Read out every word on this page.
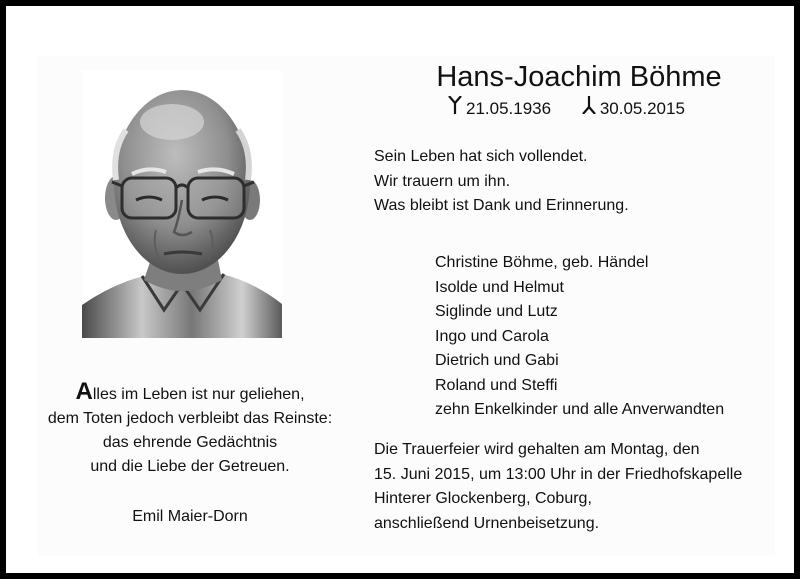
Hans-Joachim Böhme
21.05.1936
	30.05.2015
Sein Leben hat sich vollendet.
Wir trauern um ihn.
Was bleibt ist Dank und Erinnerung.
Christine Böhme, geb. Händel
Isolde und Helmut
Siglinde und Lutz
Ingo und Carola
Dietrich und Gabi
Roland und Steffi
zehn Enkelkinder und alle Anverwandten
Die Trauerfeier wird gehalten am Montag, den
15. Juni 2015, um 13:00 Uhr in der Friedhofskapelle
Hinterer Glockenberg, Coburg,
anschließend Urnenbeisetzung.
Alles im Leben ist nur geliehen,
dem Toten jedoch verbleibt das Reinste:
das ehrende Gedächtnis
und die Liebe der Getreuen.
Emil Maier-Dorn
